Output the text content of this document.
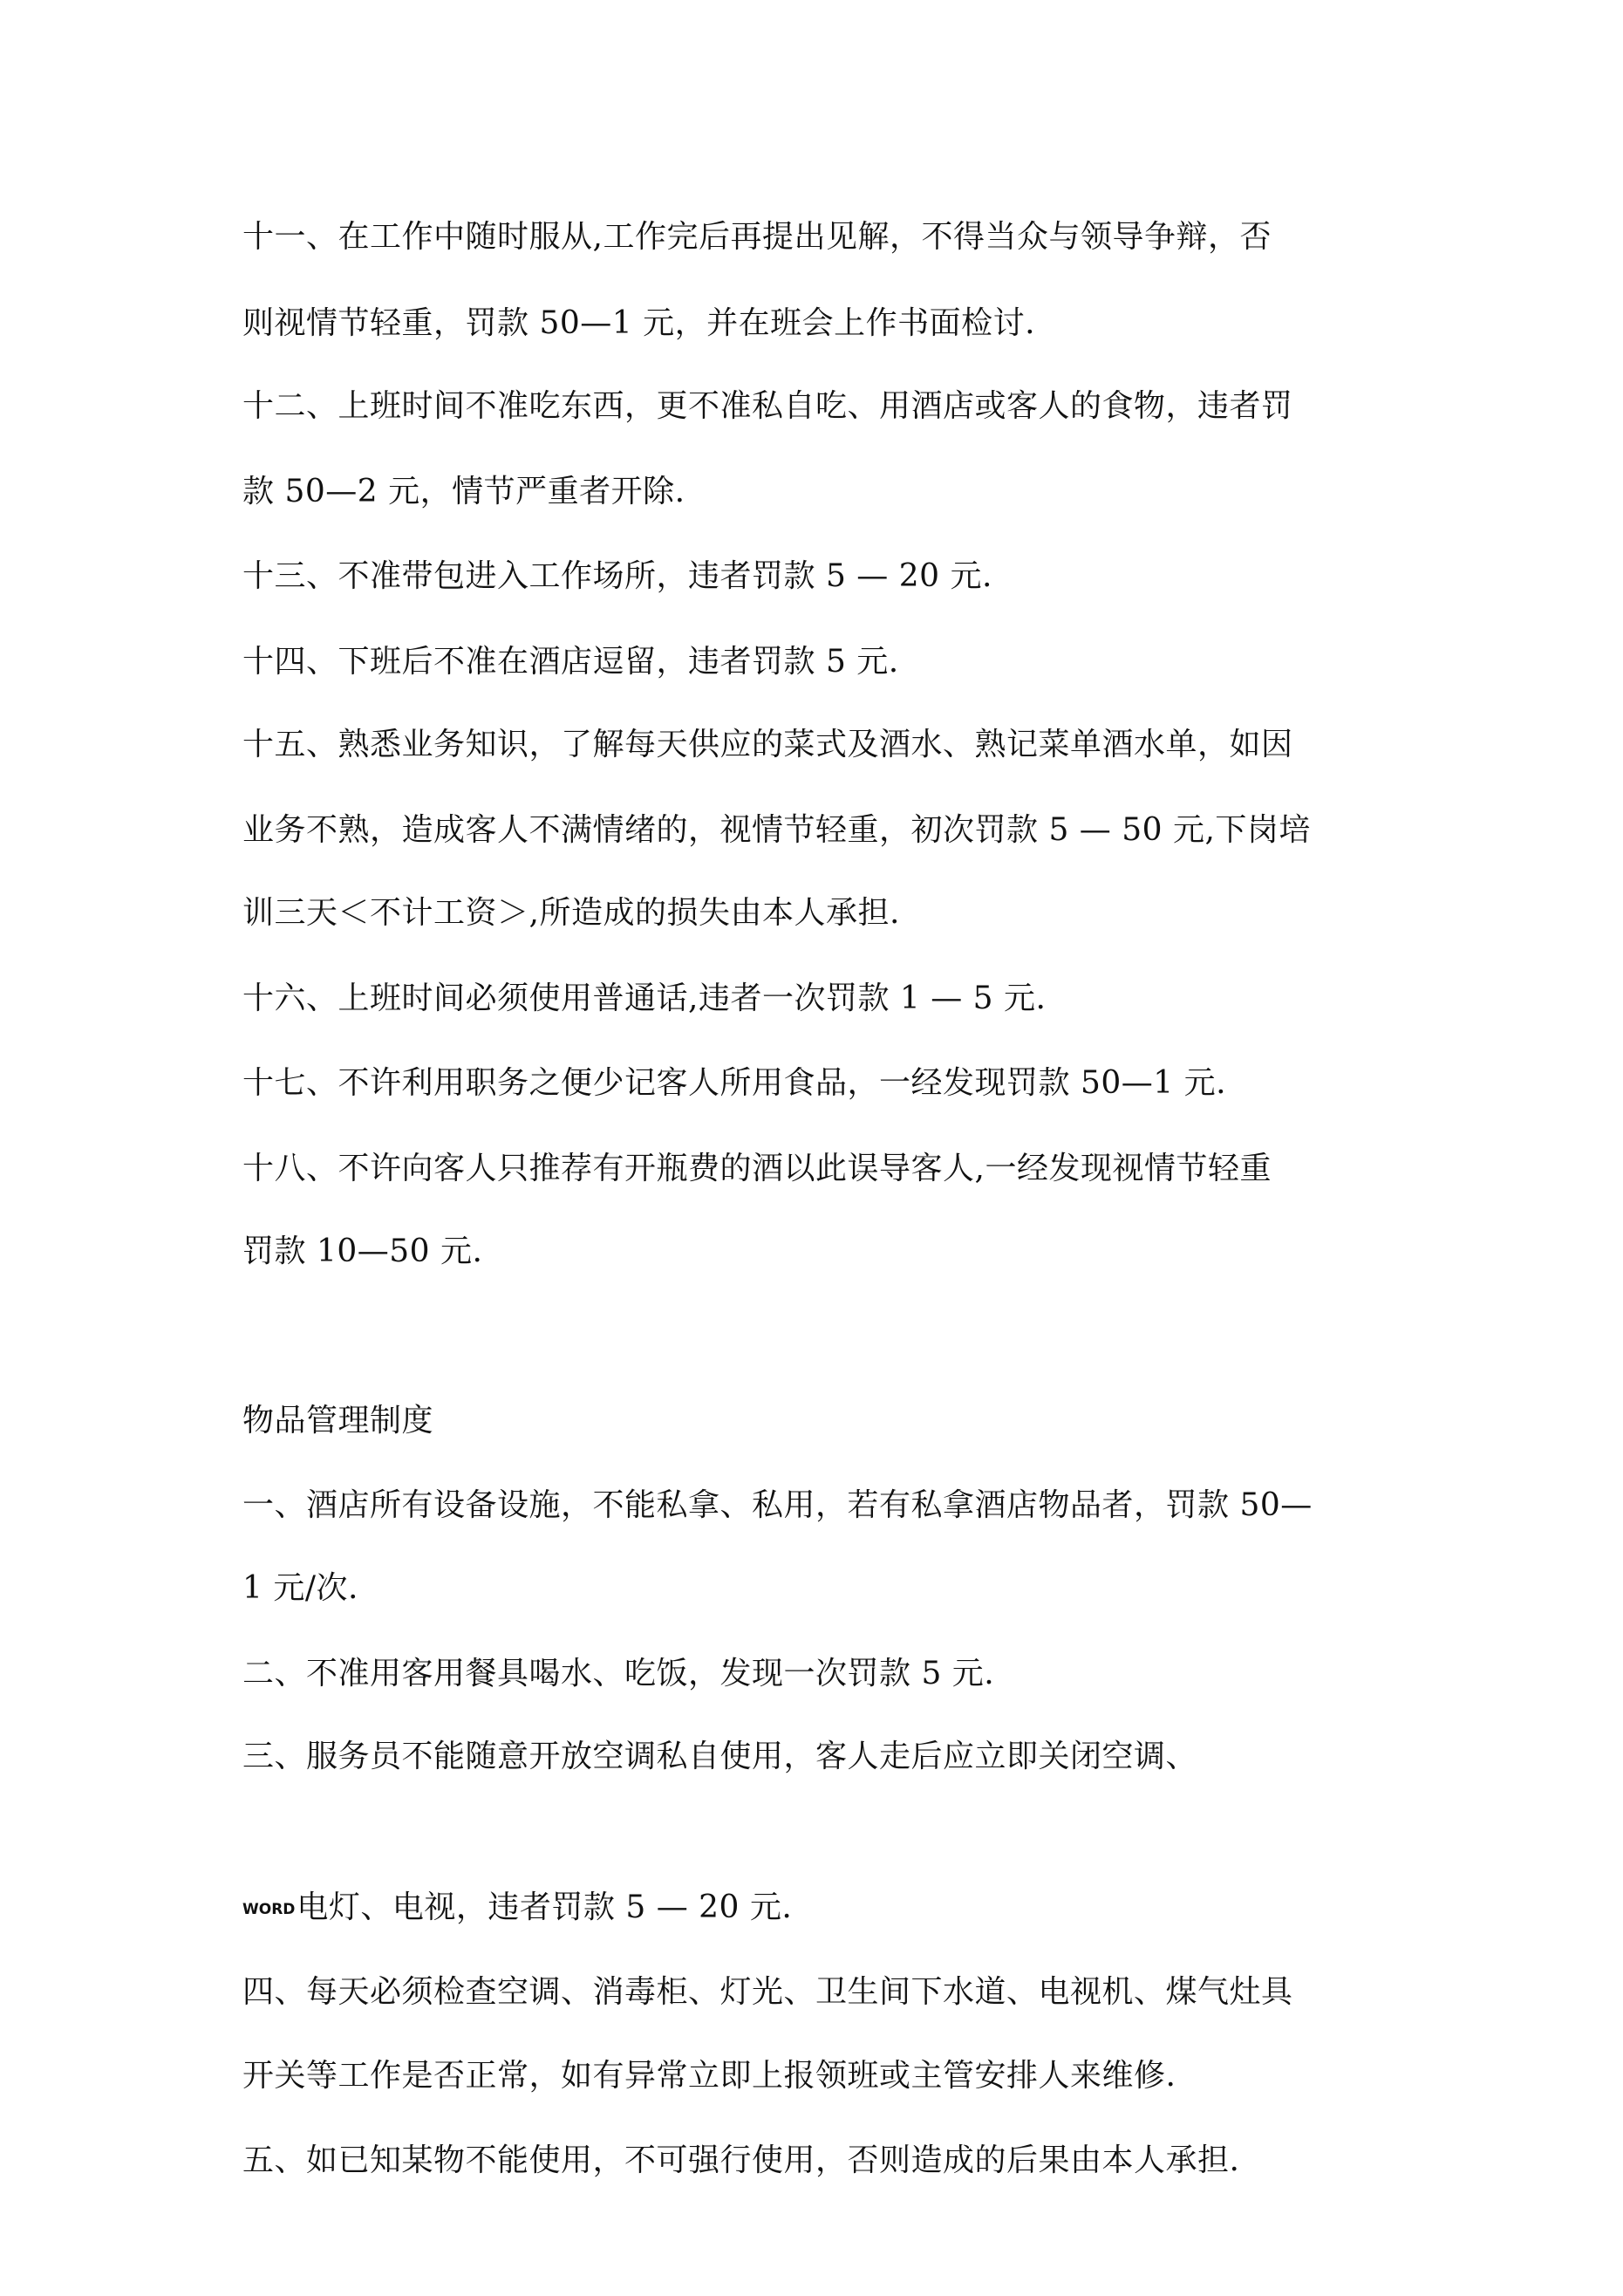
十一、在工作中随时服从,工作完后再提出见解，不得当众与领导争辩，否
则视情节轻重，罚款 50—1 元，并在班会上作书面检讨.
十二、上班时间不准吃东西，更不准私自吃、用酒店或客人的食物，违者罚
款 50—2 元，情节严重者开除.
十三、不准带包进入工作场所，违者罚款 5 — 20 元.
十四、下班后不准在酒店逗留，违者罚款 5 元.
十五、熟悉业务知识，了解每天供应的菜式及酒水、熟记菜单酒水单，如因
业务不熟，造成客人不满情绪的，视情节轻重，初次罚款 5 — 50 元,下岗培
训三天＜不计工资＞,所造成的损失由本人承担.
十六、上班时间必须使用普通话,违者一次罚款 1 — 5 元.
十七、不许利用职务之便少记客人所用食品，一经发现罚款 50—1 元.
十八、不许向客人只推荐有开瓶费的酒以此误导客人,一经发现视情节轻重
罚款 10—50 元.
物品管理制度
一、酒店所有设备设施，不能私拿、私用，若有私拿酒店物品者，罚款 50—
1 元/次.
二、不准用客用餐具喝水、吃饭，发现一次罚款 5 元.
三、服务员不能随意开放空调私自使用，客人走后应立即关闭空调、
WORD电灯、电视，违者罚款 5 — 20 元.
四、每天必须检查空调、消毒柜、灯光、卫生间下水道、电视机、煤气灶具
开关等工作是否正常，如有异常立即上报领班或主管安排人来维修.
五、如已知某物不能使用，不可强行使用，否则造成的后果由本人承担.
